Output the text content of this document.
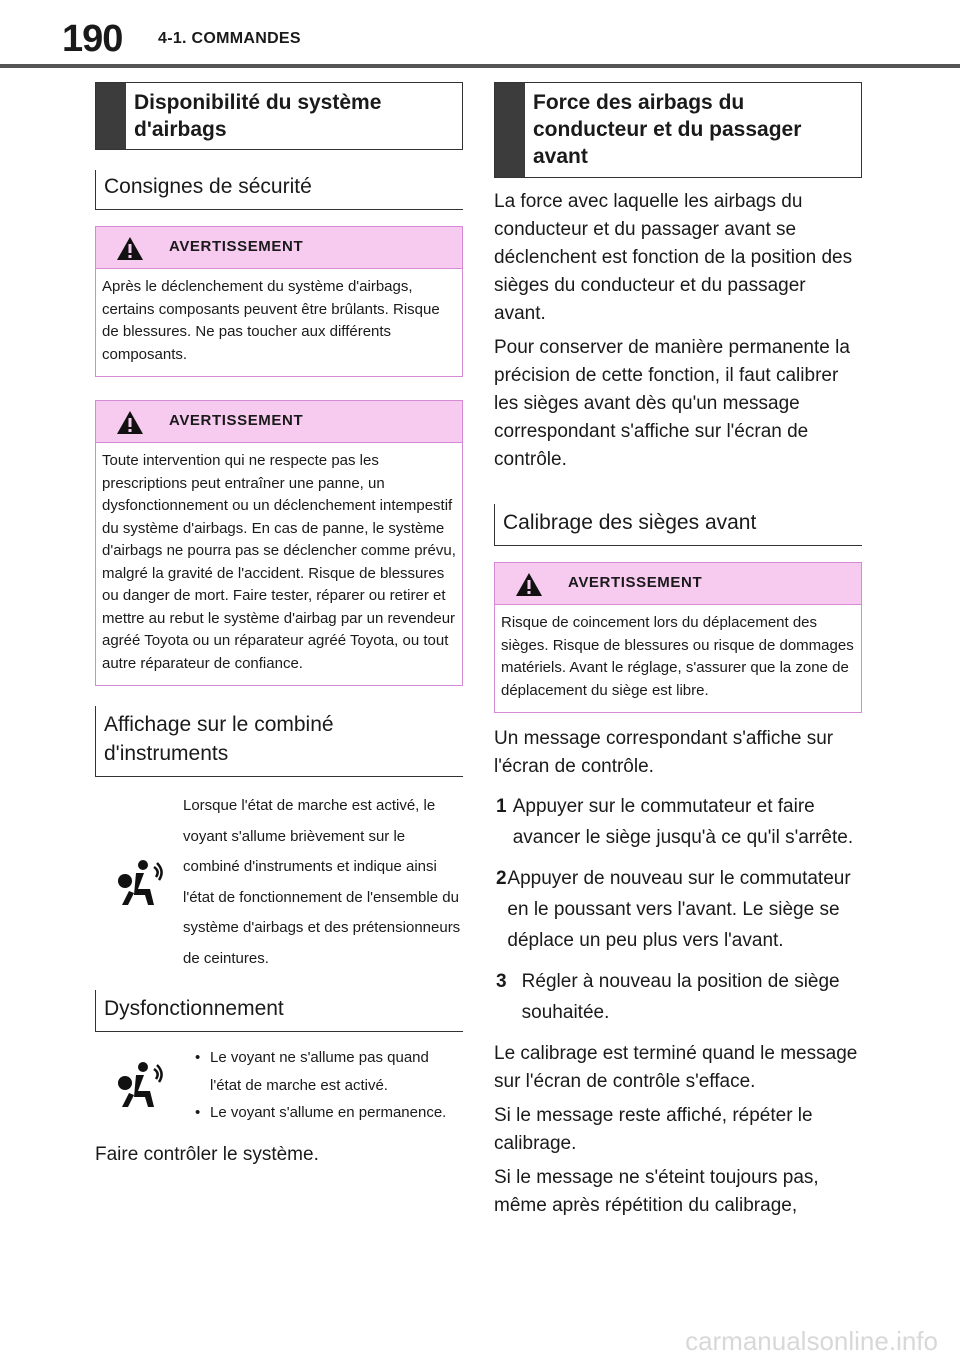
190 4-1. COMMANDES
Disponibilité du système d'airbags
Consignes de sécurité
AVERTISSEMENT
Après le déclenchement du système d'airbags, certains composants peuvent être brûlants. Risque de blessures. Ne pas toucher aux différents composants.
AVERTISSEMENT
Toute intervention qui ne respecte pas les prescriptions peut entraîner une panne, un dysfonctionnement ou un déclenchement intempestif du système d'airbags. En cas de panne, le système d'airbags ne pourra pas se déclencher comme prévu, malgré la gravité de l'accident. Risque de blessures ou danger de mort. Faire tester, réparer ou retirer et mettre au rebut le système d'airbag par un revendeur agréé Toyota ou un réparateur agréé Toyota, ou tout autre réparateur de confiance.
Affichage sur le combiné d'instruments
Lorsque l'état de marche est activé, le voyant s'allume brièvement sur le combiné d'instruments et indique ainsi l'état de fonctionnement de l'ensemble du système d'airbags et des prétensionneurs de ceintures.
Dysfonctionnement
• Le voyant ne s'allume pas quand l'état de marche est activé.
• Le voyant s'allume en permanence.
Faire contrôler le système.
Force des airbags du conducteur et du passager avant
La force avec laquelle les airbags du conducteur et du passager avant se déclenchent est fonction de la position des sièges du conducteur et du passager avant.
Pour conserver de manière permanente la précision de cette fonction, il faut calibrer les sièges avant dès qu'un message correspondant s'affiche sur l'écran de contrôle.
Calibrage des sièges avant
AVERTISSEMENT
Risque de coincement lors du déplacement des sièges. Risque de blessures ou risque de dommages matériels. Avant le réglage, s'assurer que la zone de déplacement du siège est libre.
Un message correspondant s'affiche sur l'écran de contrôle.
1 Appuyer sur le commutateur et faire avancer le siège jusqu'à ce qu'il s'arrête.
2 Appuyer de nouveau sur le commutateur en le poussant vers l'avant. Le siège se déplace un peu plus vers l'avant.
3 Régler à nouveau la position de siège souhaitée.
Le calibrage est terminé quand le message sur l'écran de contrôle s'efface.
Si le message reste affiché, répéter le calibrage.
Si le message ne s'éteint toujours pas, même après répétition du calibrage,
carmanualsonline.info
